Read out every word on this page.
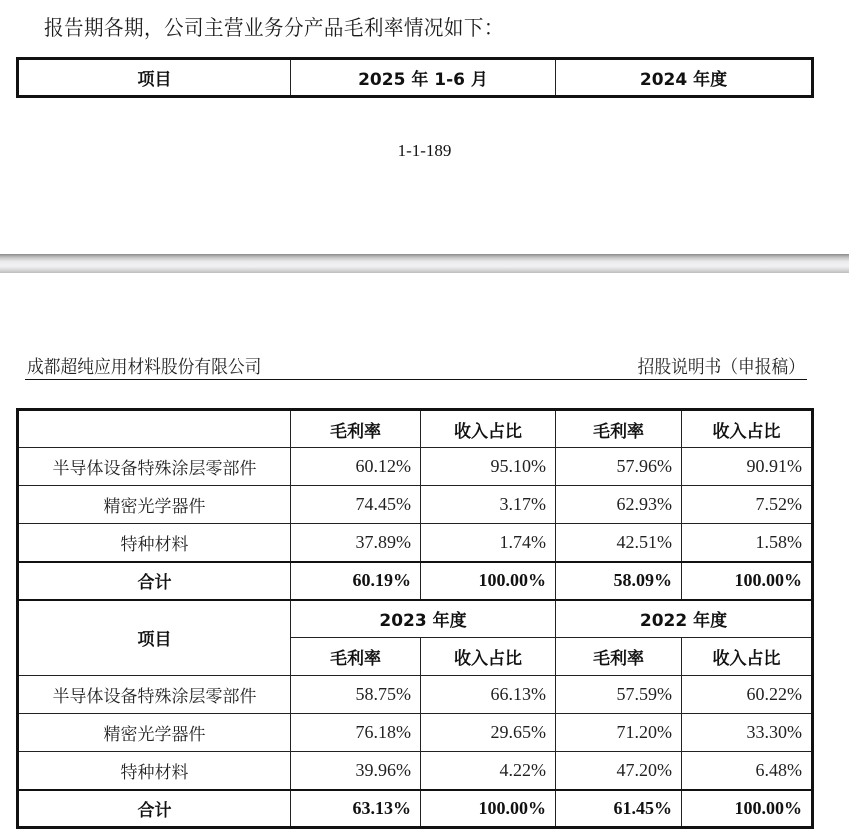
报告期各期，公司主营业务分产品毛利率情况如下：
项目	2025 年 1-6 月	2024 年度
1-1-189
成都超纯应用材料股份有限公司	招股说明书（申报稿）
	毛利率	收入占比	毛利率	收入占比
半导体设备特殊涂层零部件	60.12%	95.10%	57.96%	90.91%
精密光学器件	74.45%	3.17%	62.93%	7.52%
特种材料	37.89%	1.74%	42.51%	1.58%
合计	60.19%	100.00%	58.09%	100.00%
项目	2023 年度		2022 年度	
	毛利率	收入占比	毛利率	收入占比
半导体设备特殊涂层零部件	58.75%	66.13%	57.59%	60.22%
精密光学器件	76.18%	29.65%	71.20%	33.30%
特种材料	39.96%	4.22%	47.20%	6.48%
合计	63.13%	100.00%	61.45%	100.00%
